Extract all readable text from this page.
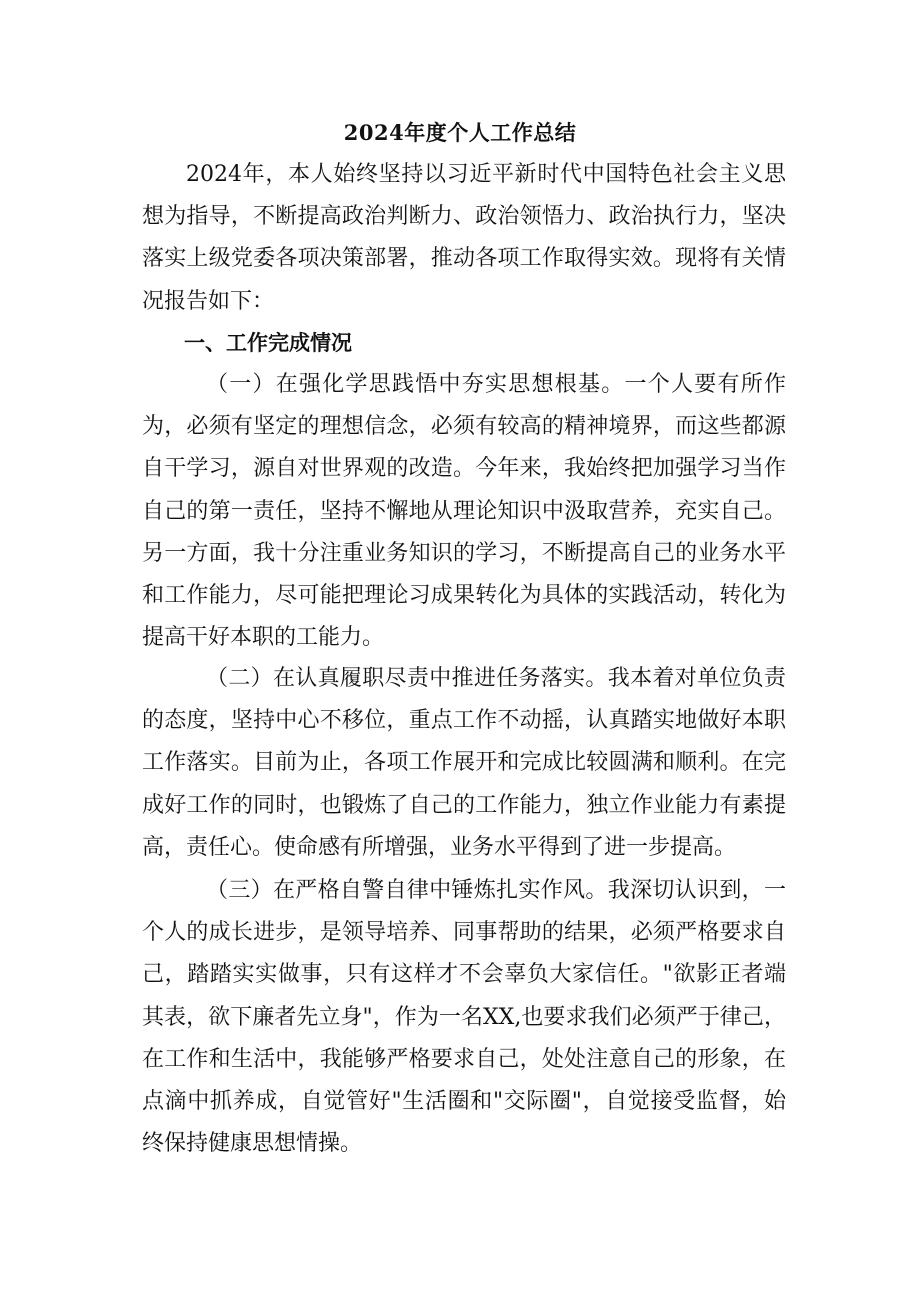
2024年度个人工作总结

2024年，本人始终坚持以习近平新时代中国特色社会主义思想为指导，不断提高政治判断力、政治领悟力、政治执行力，坚决落实上级党委各项决策部署，推动各项工作取得实效。现将有关情况报告如下：

一、工作完成情况

（一）在强化学思践悟中夯实思想根基。一个人要有所作为，必须有坚定的理想信念，必须有较高的精神境界，而这些都源自干学习，源自对世界观的改造。今年来，我始终把加强学习当作自己的第一责任，坚持不懈地从理论知识中汲取营养，充实自己。另一方面，我十分注重业务知识的学习，不断提高自己的业务水平和工作能力，尽可能把理论习成果转化为具体的实践活动，转化为提高干好本职的工能力。

（二）在认真履职尽责中推进任务落实。我本着对单位负责的态度，坚持中心不移位，重点工作不动摇，认真踏实地做好本职工作落实。目前为止，各项工作展开和完成比较圆满和顺利。在完成好工作的同时，也锻炼了自己的工作能力，独立作业能力有素提高，责任心。使命感有所增强，业务水平得到了进一步提高。

（三）在严格自警自律中锤炼扎实作风。我深切认识到，一个人的成长进步，是领导培养、同事帮助的结果，必须严格要求自己，踏踏实实做事，只有这样才不会辜负大家信任。"欲影正者端其表，欲下廉者先立身"，作为一名XX,也要求我们必须严于律己，在工作和生活中，我能够严格要求自己，处处注意自己的形象，在点滴中抓养成，自觉管好"生活圈和"交际圈"，自觉接受监督，始终保持健康思想情操。
